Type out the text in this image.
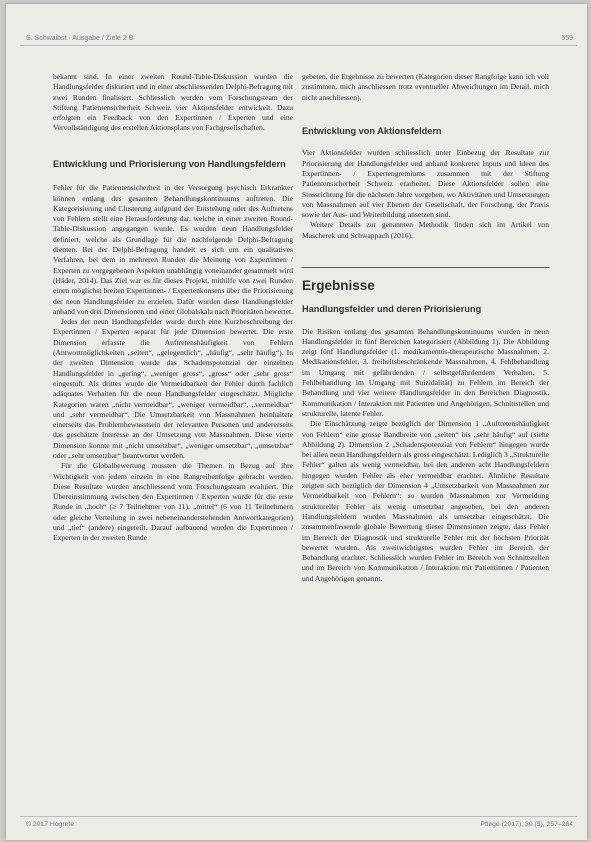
S. Schwaibst · Ausgabe / Ziele 2 B	559

bekannt sind. In einer zweiten Round-Table-Diskussion wurden die Handlungsfelder diskutiert und in einer abschliessenden Delphi-Befragung mit zwei Runden finalisiert. Schliesslich wurden vom Forschungsteam der Stiftung Patientensicherheit Schweiz vier Aktionsfelder entwickelt. Dazu erfolgten ein Feedback von den Expertinnen / Experten und eine Vervollständigung des erstellen Aktionsplans von Fachgesellschaften.

Entwicklung und Priorisierung von Handlungsfeldern

Fehler für die Patientensicherheit in der Versorgung psychisch Erkrankter können entlang des gesamten Behandlungskontinuums auftreten. Die Kategorisierung und Clusterung aufgrund der Entstehung oder des Auftretens von Fehlern stellt eine Herausforderung dar, welche in einer zweiten Round-Table-Diskussion angegangen wurde. Es wurden neun Handlungsfelder definiert, welche als Grundlage für die nachfolgende Delphi-Befragung dienten. Bei der Delphi-Befragung handelt es sich um ein qualitatives Verfahren, bei dem in mehreren Runden die Meinung von Expertinnen / Experten zu vorgegebenen Aspekten unabhängig voneinander gesammelt wird (Häder, 2014). Das Ziel war es für dieses Projekt, mithilfe von zwei Runden einen möglichst breiten Expertinnen- / Expertenkonsens über die Priorisierung der neun Handlungsfelder zu erzielen. Dafür wurden diese Handlungsfelder anhand von drei Dimensionen und einer Globalskala nach Prioritäten bewertet.

Jedes der neun Handlungsfelder wurde durch eine Kurzbeschreibung der Expertinnen / Experten separat für jede Dimension bewertet. Die erste Dimension erfasste die Auftretenshäufigkeit von Fehlern (Antwortmöglichkeiten „selten“, „gelegentlich“, „häufig“, „sehr häufig“). In der zweiten Dimension wurde das Schadenspotenzial der einzelnen Handlungsfelder in „gering“, „weniger gross“, „gross“ oder „sehr gross“ eingestuft. Als drittes wurde die Vermeidbarkeit der Fehler durch fachlich adäquates Verhalten für die neun Handlungsfelder eingeschätzt. Mögliche Kategorien waren „nicht vermeidbar“, „weniger vermeidbar“, „vermeidbar“ und „sehr vermeidbar“. Die Umsetzbarkeit von Massnahmen beinhaltete einerseits das Problembewusstsein der relevanten Personen und andererseits das geschätzte Interesse an der Umsetzung von Massnahmen. Diese vierte Dimension konnte mit „nicht umsetzbar“, „weniger umsetzbar“, „umsetzbar“ oder „sehr umsetzbar“ beantwortet werden.

Für die Globalbewertung mussten die Themen in Bezug auf ihre Wichtigkeit von jedem einzeln in eine Rangreihenfolge gebracht werden. Diese Resultate wurden anschliessend vom Forschungsteam evaluiert. Die Übereinstimmung zwischen den Expertinnen / Experten wurde für die erste Runde in „hoch“ (≥ 7 Teilnehmer von 11), „mittel“ (6 von 11 Teilnehmern oder gleiche Verteilung in zwei nebeneinanderstehenden Antwortkategorien) und „tief“ (andere) eingeteilt. Darauf aufbauend wurden die Expertinnen / Experten in der zweiten Runde

gebeten, die Ergebnisse zu bewerten (Kategorien dieser Rangfolge kann ich voll zustimmen, mich anschliessen trotz eventueller Abweichungen im Detail, mich nicht anschliessen).

Entwicklung von Aktionsfeldern

Vier Aktionsfelder wurden schliesslich unter Einbezug der Resultate zur Priorisierung der Handlungsfelder und anhand konkreter Inputs und Ideen des Expertinnen- / Expertengremiums zusammen mit der Stiftung Patientensicherheit Schweiz erarbeitet. Diese Aktionsfelder sollen eine Stossrichtung für die nächsten Jahre vorgeben, wo Aktivitäten und Umsetzungen von Massnahmen auf vier Ebenen der Gesellschaft, der Forschung, der Praxis sowie der Aus- und Weiterbildung ansetzen sind.

Weitere Details zur genannten Methodik finden sich im Artikel von Mascherek und Schwappach (2016).

Ergebnisse
Handlungsfelder und deren Priorisierung

Die Risiken entlang des gesamten Behandlungskontinuums wurden in neun Handlungsfelder in fünf Bereichen kategorisiert (Abbildung 1). Die Abbildung zeigt fünf Handlungsfelder (1. medikamentös-therapeutische Massnahmen, 2. Medikationsfehler, 3. freiheitsbeschränkende Massnahmen, 4. Fehlbehandlung im Umgang mit gefährdenden / selbstgefährdendem Verhalten, 5. Fehlbehandlung im Umgang mit Suizidalität) zu Fehlern im Bereich der Behandlung und vier weitere Handlungsfelder in den Bereichen Diagnostik, Kommunikation / Interaktion mit Patienten und Angehörigen, Schnittstellen und strukturelle, latente Fehler.

Die Einschätzung zeigte bezüglich der Dimension 1 „Auftretenshäufigkeit von Fehlern“ eine grosse Bandbreite von „selten“ bis „sehr häufig“ auf (siehe Abbildung 2). Dimension 2 „Schadenspotenzial von Fehlern“ hingegen wurde bei allen neun Handlungsfeldern als gross eingeschätzt. Lediglich 3 „Strukturelle Fehler“ galten als wenig vermeidbar, bei den anderen acht Handlungsfeldern hingegen wurden Fehler als eher vermeidbar erachtet. Ähnliche Resultate zeigten sich bezüglich der Dimension 4 „Umsetzbarkeit von Massnahmen zur Vermeidbarkeit von Fehlern“: so wurden Massnahmen zur Vermeidung struktureller Fehler als wenig umsetzbar angesehen, bei den anderen Handlungsfeldern wurden Massnahmen als umsetzbar eingeschätzt. Die zusammenfassende globale Bewertung dieser Dimensionen zeigte, dass Fehler im Bereich der Diagnostik und strukturelle Fehler mit der höchsten Priorität bewertet wurden. Als zweitwichtigstes wurden Fehler im Bereich der Behandlung erachtet. Schliesslich wurden Fehler im Bereich von Schnittstellen und im Bereich von Kommunikation / Interaktion mit Patientinnen / Patienten und Angehörigen genannt.

© 2017 Hogrefe	Pflege (2017), 30 (5), 257–264
